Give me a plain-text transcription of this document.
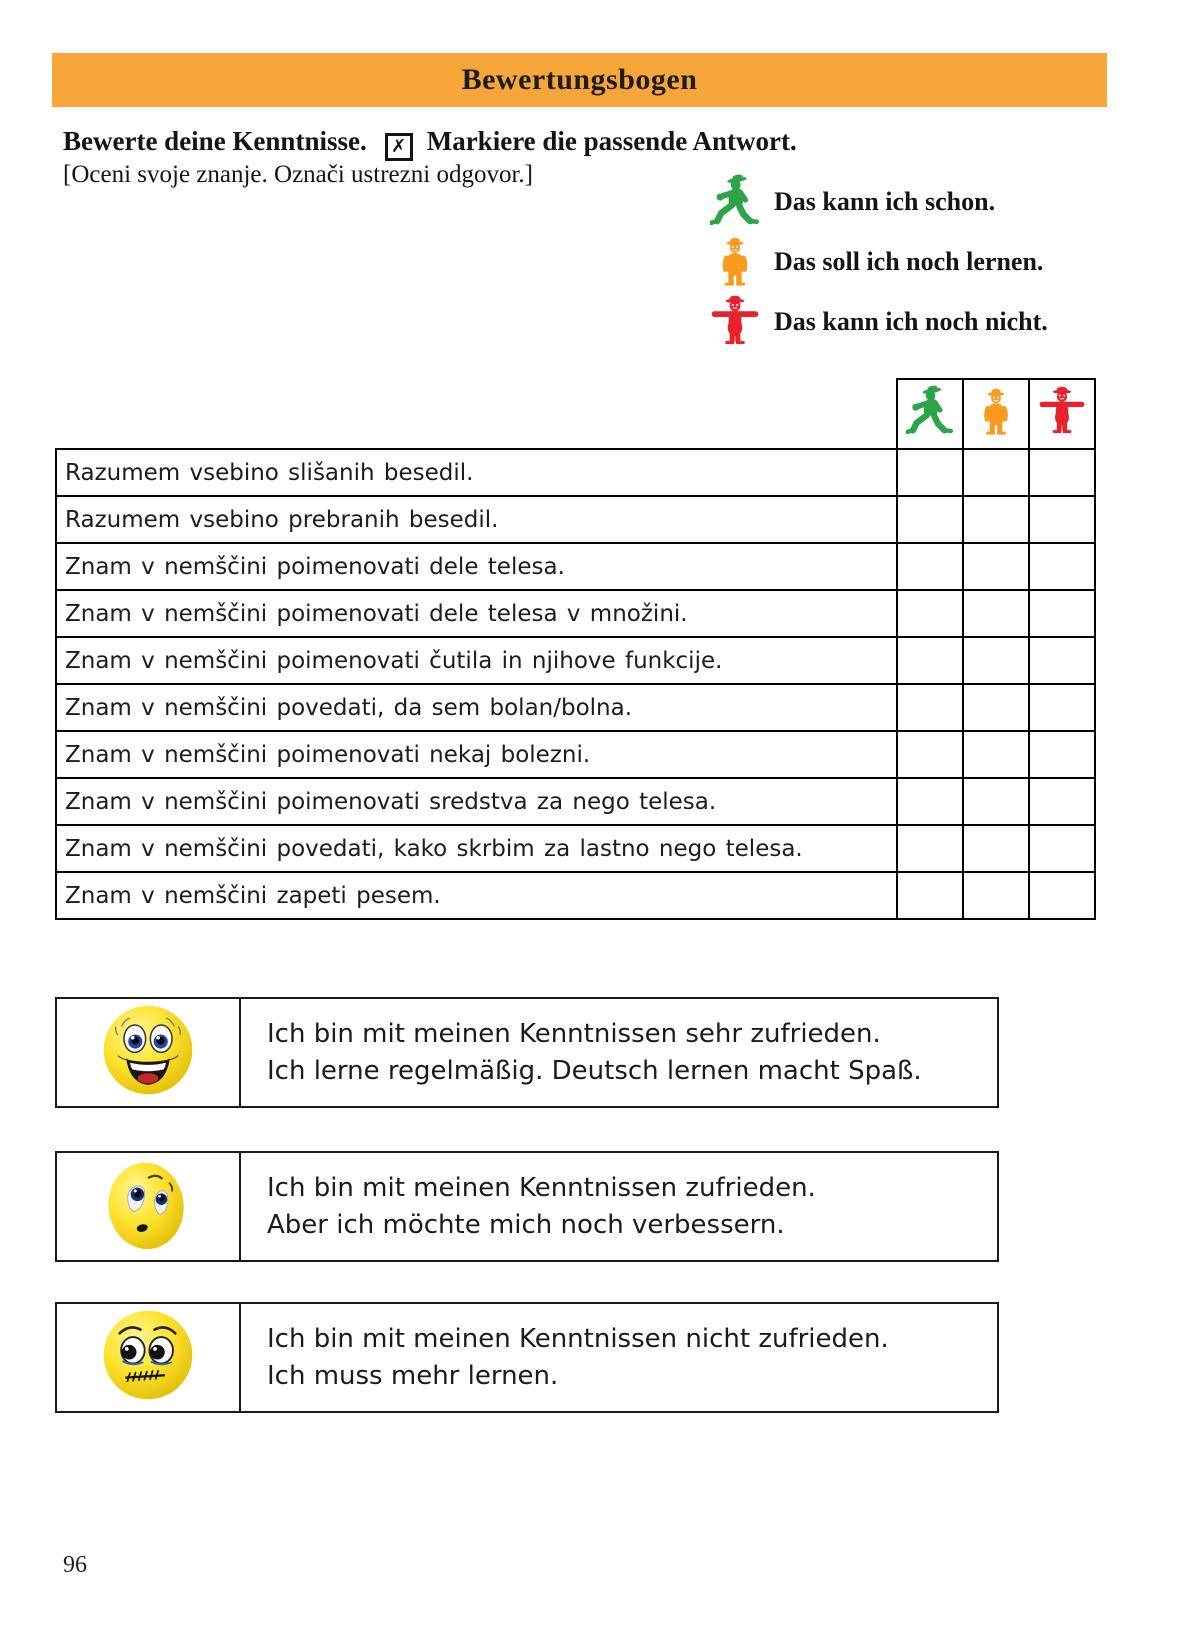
Bewertungsbogen
Bewerte deine Kenntnisse. ✗ Markiere die passende Antwort.
[Oceni svoje znanje. Označi ustrezni odgovor.]
Das kann ich schon.
Das soll ich noch lernen.
Das kann ich noch nicht.

Razumem vsebino slišanih besedil.			
Razumem vsebino prebranih besedil.			
Znam v nemščini poimenovati dele telesa.			
Znam v nemščini poimenovati dele telesa v množini.			
Znam v nemščini poimenovati čutila in njihove funkcije.			
Znam v nemščini povedati, da sem bolan/bolna.			
Znam v nemščini poimenovati nekaj bolezni.			
Znam v nemščini poimenovati sredstva za nego telesa.			
Znam v nemščini povedati, kako skrbim za lastno nego telesa.			
Znam v nemščini zapeti pesem.			
Ich bin mit meinen Kenntnissen sehr zufrieden.
Ich lerne regelmäßig. Deutsch lernen macht Spaß.
Ich bin mit meinen Kenntnissen zufrieden.
Aber ich möchte mich noch verbessern.
Ich bin mit meinen Kenntnissen nicht zufrieden.
Ich muss mehr lernen.
96
